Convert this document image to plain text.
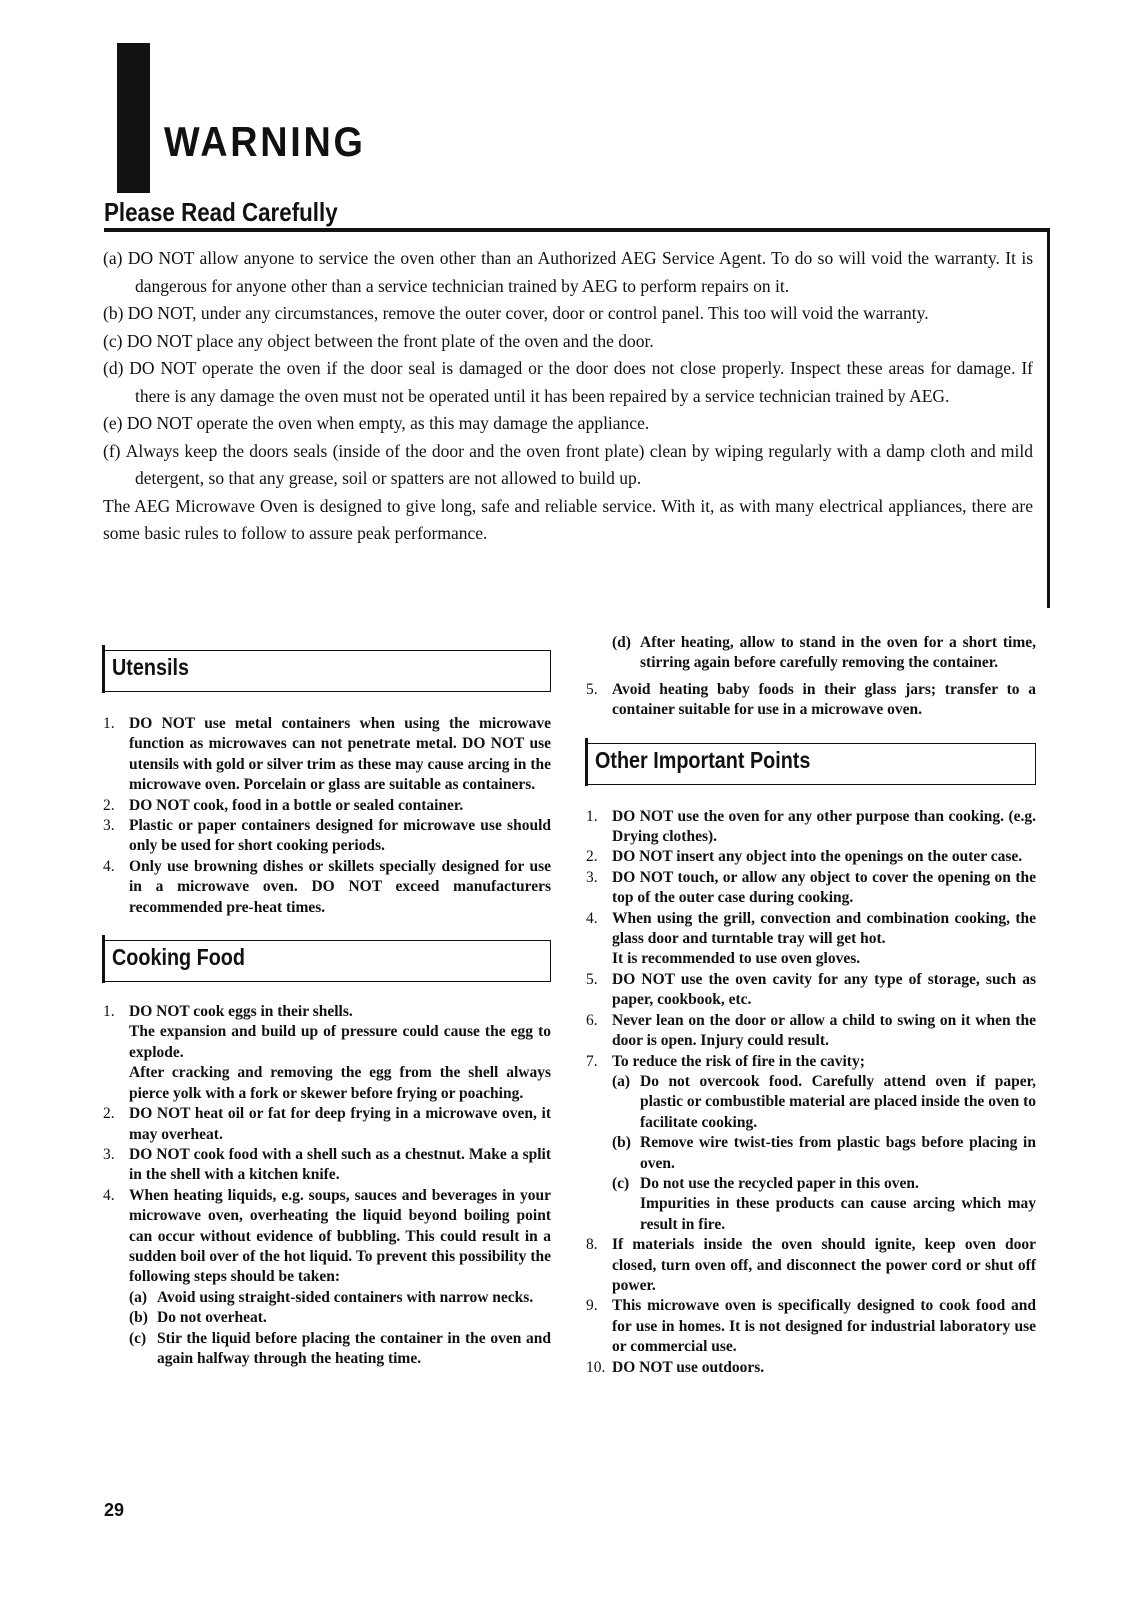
WARNING
Please Read Carefully
(a) DO NOT allow anyone to service the oven other than an Authorized AEG Service Agent. To do so will void the warranty. It is dangerous for anyone other than a service technician trained by AEG to perform repairs on it.
(b) DO NOT, under any circumstances, remove the outer cover, door or control panel. This too will void the warranty.
(c) DO NOT place any object between the front plate of the oven and the door.
(d) DO NOT operate the oven if the door seal is damaged or the door does not close properly. Inspect these areas for damage. If there is any damage the oven must not be operated until it has been repaired by a service technician trained by AEG.
(e) DO NOT operate the oven when empty, as this may damage the appliance.
(f) Always keep the doors seals (inside of the door and the oven front plate) clean by wiping regularly with a damp cloth and mild detergent, so that any grease, soil or spatters are not allowed to build up.
The AEG Microwave Oven is designed to give long, safe and reliable service. With it, as with many electrical appliances, there are some basic rules to follow to assure peak performance.
Utensils
1. DO NOT use metal containers when using the microwave function as microwaves can not penetrate metal. DO NOT use utensils with gold or silver trim as these may cause arcing in the microwave oven. Porcelain or glass are suitable as containers.
2. DO NOT cook, food in a bottle or sealed container.
3. Plastic or paper containers designed for microwave use should only be used for short cooking periods.
4. Only use browning dishes or skillets specially designed for use in a microwave oven. DO NOT exceed manufacturers recommended pre-heat times.
Cooking Food
1. DO NOT cook eggs in their shells.
The expansion and build up of pressure could cause the egg to explode.
After cracking and removing the egg from the shell always pierce yolk with a fork or skewer before frying or poaching.
2. DO NOT heat oil or fat for deep frying in a microwave oven, it may overheat.
3. DO NOT cook food with a shell such as a chestnut. Make a split in the shell with a kitchen knife.
4. When heating liquids, e.g. soups, sauces and beverages in your microwave oven, overheating the liquid beyond boiling point can occur without evidence of bubbling. This could result in a sudden boil over of the hot liquid. To prevent this possibility the following steps should be taken:
(a) Avoid using straight-sided containers with narrow necks.
(b) Do not overheat.
(c) Stir the liquid before placing the container in the oven and again halfway through the heating time.
(d) After heating, allow to stand in the oven for a short time, stirring again before carefully removing the container.
5. Avoid heating baby foods in their glass jars; transfer to a container suitable for use in a microwave oven.
Other Important Points
1. DO NOT use the oven for any other purpose than cooking. (e.g. Drying clothes).
2. DO NOT insert any object into the openings on the outer case.
3. DO NOT touch, or allow any object to cover the opening on the top of the outer case during cooking.
4. When using the grill, convection and combination cooking, the glass door and turntable tray will get hot.
It is recommended to use oven gloves.
5. DO NOT use the oven cavity for any type of storage, such as paper, cookbook, etc.
6. Never lean on the door or allow a child to swing on it when the door is open. Injury could result.
7. To reduce the risk of fire in the cavity;
(a) Do not overcook food. Carefully attend oven if paper, plastic or combustible material are placed inside the oven to facilitate cooking.
(b) Remove wire twist-ties from plastic bags before placing in oven.
(c) Do not use the recycled paper in this oven.
Impurities in these products can cause arcing which may result in fire.
8. If materials inside the oven should ignite, keep oven door closed, turn oven off, and disconnect the power cord or shut off power.
9. This microwave oven is specifically designed to cook food and for use in homes. It is not designed for industrial laboratory use or commercial use.
10. DO NOT use outdoors.
29
